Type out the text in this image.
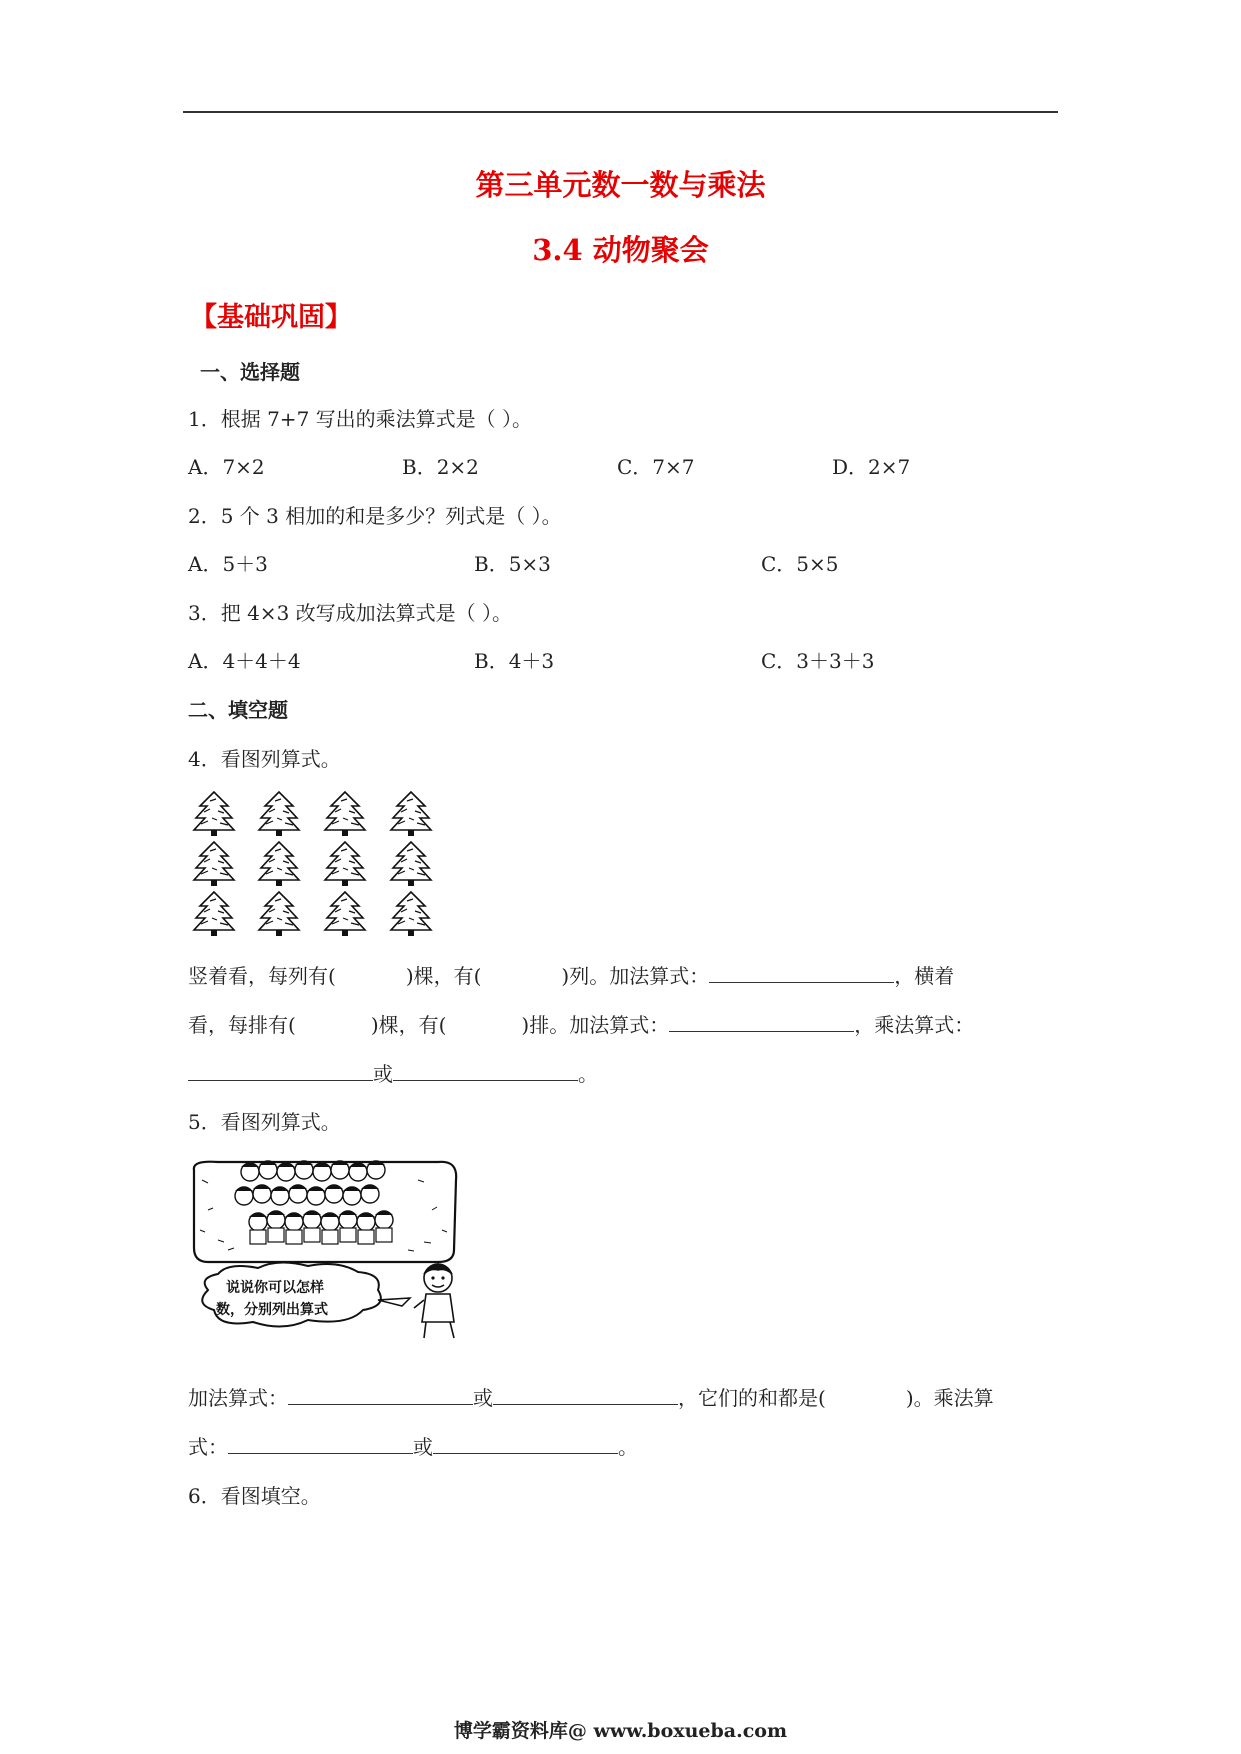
第三单元数一数与乘法
3.4 动物聚会
【基础巩固】
一、选择题
1．根据 7+7 写出的乘法算式是（ ）。
A．7×2	B．2×2	C．7×7	D．2×7
2．5 个 3 相加的和是多少？列式是（ ）。
A．5＋3	B．5×3	C．5×5
3．把 4×3 改写成加法算式是（ ）。
A．4＋4＋4	B．4＋3	C．3＋3＋3
二、填空题
4．看图列算式。
竖着看，每列有(	)棵，有(	)列。加法算式：	，横着
看，每排有(	)棵，有(	)排。加法算式：	，乘法算式：
或	。
5．看图列算式。
说说你可以怎样
数，分别列出算式
加法算式：	或	，它们的和都是(	)。乘法算
式：	或	。
6．看图填空。
博学霸资料库@ www.boxueba.com
